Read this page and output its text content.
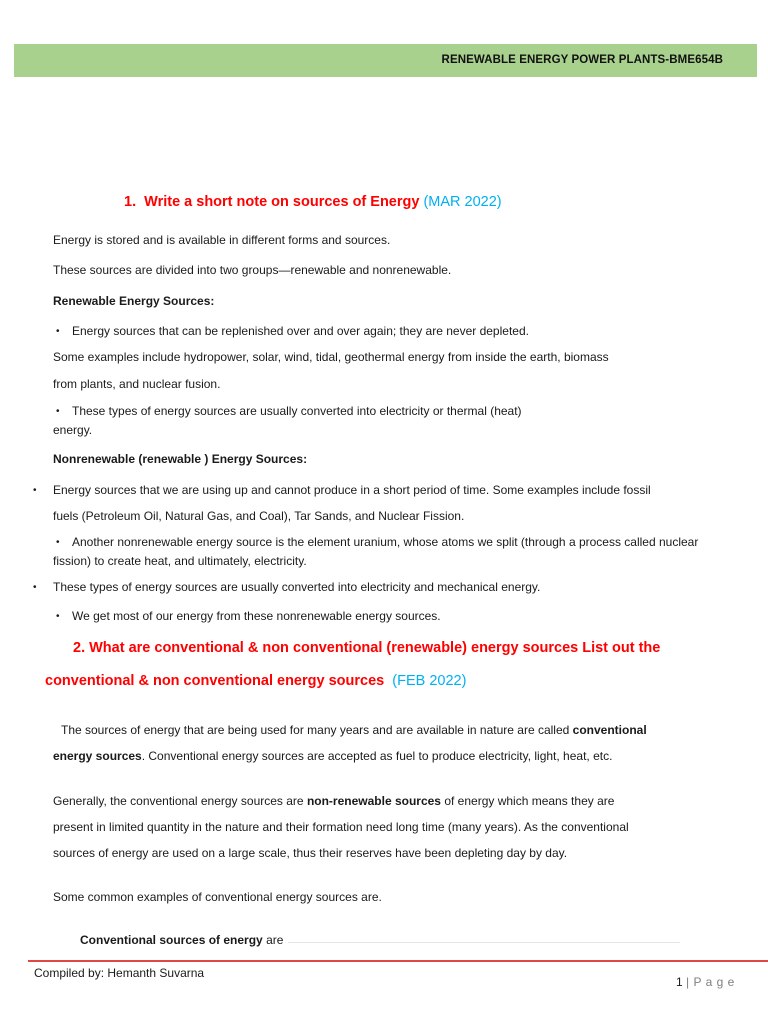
RENEWABLE ENERGY POWER PLANTS-BME654B
1. Write a short note on sources of Energy (MAR 2022)
Energy is stored and is available in different forms and sources.
These sources are divided into two groups—renewable and nonrenewable.
Renewable Energy Sources:
• Energy sources that can be replenished over and over again; they are never depleted.
Some examples include hydropower, solar, wind, tidal, geothermal energy from inside the earth, biomass
from plants, and nuclear fusion.
• These types of energy sources are usually converted into electricity or thermal (heat)
energy.
Nonrenewable (renewable ) Energy Sources:
• Energy sources that we are using up and cannot produce in a short period of time. Some examples include fossil
fuels (Petroleum Oil, Natural Gas, and Coal), Tar Sands, and Nuclear Fission.
• Another nonrenewable energy source is the element uranium, whose atoms we split (through a process called nuclear
fission) to create heat, and ultimately, electricity.
• These types of energy sources are usually converted into electricity and mechanical energy.
• We get most of our energy from these nonrenewable energy sources.
2. What are conventional & non conventional (renewable) energy sources List out the
conventional & non conventional energy sources (FEB 2022)
The sources of energy that are being used for many years and are available in nature are called conventional
energy sources. Conventional energy sources are accepted as fuel to produce electricity, light, heat, etc.
Generally, the conventional energy sources are non-renewable sources of energy which means they are
present in limited quantity in the nature and their formation need long time (many years). As the conventional
sources of energy are used on a large scale, thus their reserves have been depleting day by day.
Some common examples of conventional energy sources are.
Conventional sources of energy are
Compiled by: Hemanth Suvarna
1 | P a g e
